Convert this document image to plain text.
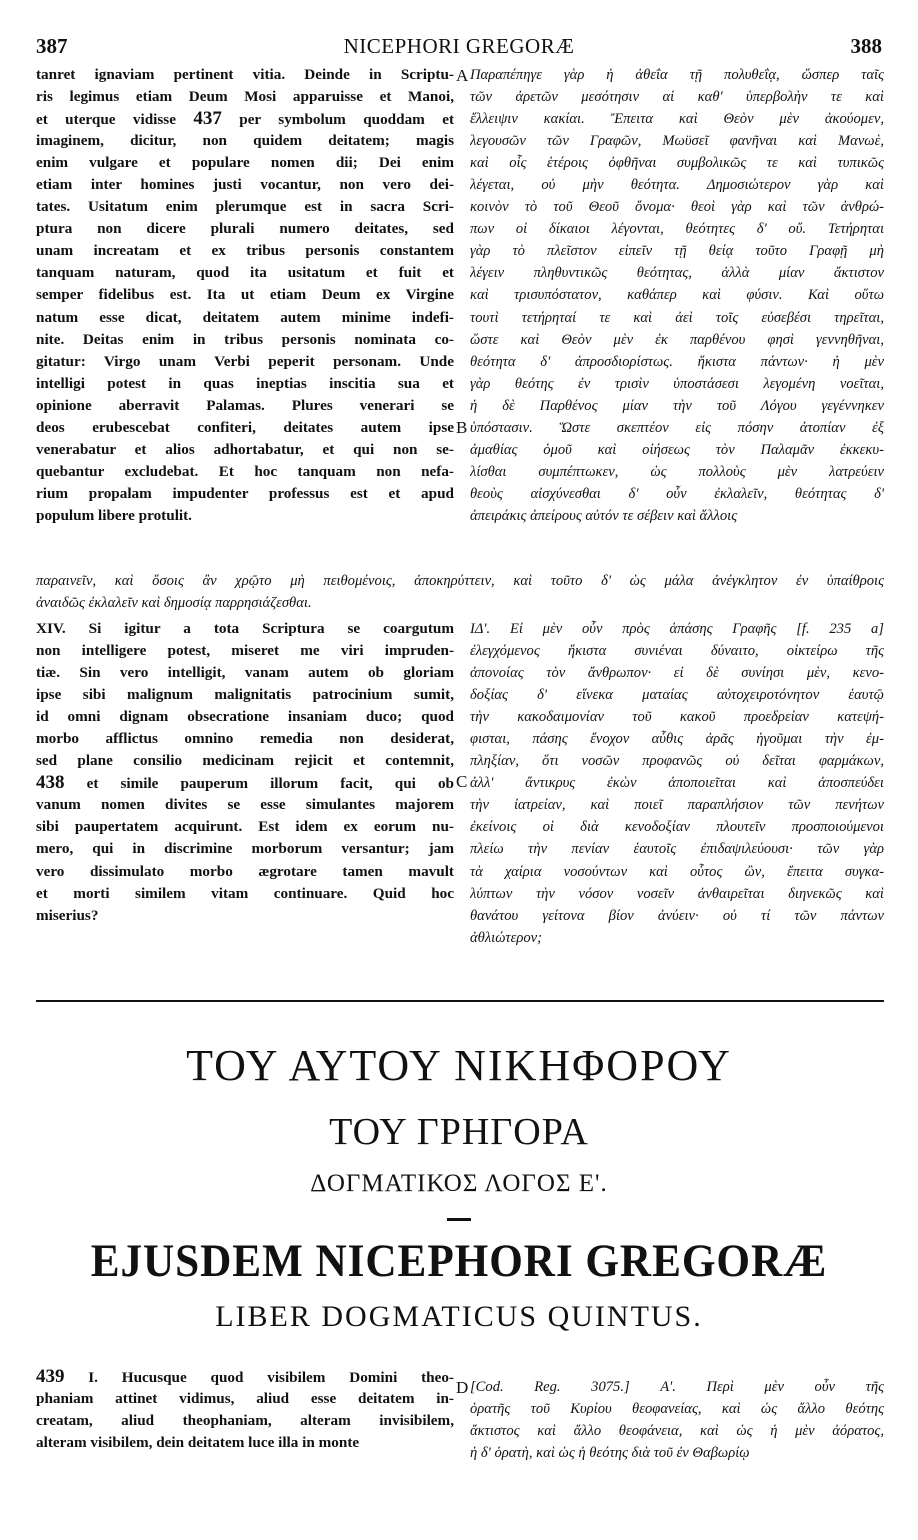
387	NICEPHORI GREGORÆ	388
tanret ignaviam pertinent vitia. Deinde in Scriptu-
ris legimus etiam Deum Mosi apparuisse et Manoi,
et uterque vidisse 437 per symbolum quoddam et
imaginem, dicitur, non quidem deitatem; magis
enim vulgare et populare nomen dii; Dei enim
etiam inter homines justi vocantur, non vero dei-
tates. Usitatum enim plerumque est in sacra Scri-
ptura non dicere plurali numero deitates, sed
unam increatam et ex tribus personis constantem
tanquam naturam, quod ita usitatum et fuit et
semper fidelibus est. Ita ut etiam Deum ex Virgine
natum esse dicat, deitatem autem minime indefi-
nite. Deitas enim in tribus personis nominata co-
gitatur: Virgo unam Verbi peperit personam. Unde
intelligi potest in quas ineptias inscitia sua et
opinione aberravit Palamas. Plures venerari se
deos erubescebat confiteri, deitates autem ipse
venerabatur et alios adhortabatur, et qui non se-
quebantur excludebat. Et hoc tanquam non nefa-
rium propalam impudenter professus est et apud
populum libere protulit.
Παραπέπηγε γὰρ ἡ ἀθεΐα τῇ πολυθεΐᾳ, ὥσπερ ταῖς
τῶν ἀρετῶν μεσότησιν αἱ καθ' ὑπερβολὴν τε καὶ
ἔλλειψιν κακίαι. Ἔπειτα καὶ Θεὸν μὲν ἀκούομεν,
λεγουσῶν τῶν Γραφῶν, Μωϋσεῖ φανῆναι καὶ Μανωὲ,
καὶ οἷς ἑτέροις ὀφθῆναι συμβολικῶς τε καὶ τυπικῶς
λέγεται, οὐ μὴν θεότητα. Δημοσιώτερον γὰρ καὶ
κοινὸν τὸ τοῦ Θεοῦ ὄνομα· θεοὶ γὰρ καὶ τῶν ἀνθρώ-
πων οἱ δίκαιοι λέγονται, θεότητες δ' οὔ. Τετήρηται
γὰρ τὸ πλεῖστον εἰπεῖν τῇ θείᾳ τοῦτο Γραφῇ μὴ
λέγειν πληθυντικῶς θεότητας, ἀλλὰ μίαν ἄκτιστον
καὶ τρισυπόστατον, καθάπερ καὶ φύσιν. Καὶ οὕτω
τουτὶ τετήρηταί τε καὶ ἀεὶ τοῖς εὐσεβέσι τηρεῖται,
ὥστε καὶ Θεὸν μὲν ἐκ παρθένου φησὶ γεννηθῆναι,
θεότητα δ' ἀπροσδιορίστως. ἥκιστα πάντων· ἡ μὲν
γὰρ θεότης ἐν τρισὶν ὑποστάσεσι λεγομένη νοεῖται,
ἡ δὲ Παρθένος μίαν τὴν τοῦ Λόγου γεγέννηκεν
ὑπόστασιν. Ὥστε σκεπτέον εἰς πόσην ἀτοπίαν ἐξ
ἀμαθίας ὁμοῦ καὶ οἰήσεως τὸν Παλαμᾶν ἐκκεκυ-
λίσθαι συμπέπτωκεν, ὡς πολλοὺς μὲν λατρεύειν
θεοὺς αἰσχύνεσθαι δ' οὖν ἐκλαλεῖν, θεότητας δ'
ἀπειράκις ἀπείρους αὐτόν τε σέβειν καὶ ἄλλοις
A
B
C
D
παραινεῖν, καὶ ὅσοις ἂν χρῷτο μὴ πειθομένοις, ἀποκηρύττειν, καὶ τοῦτο δ' ὡς μάλα ἀνέγκλητον ἐν ὑπαίθροις
ἀναιδῶς ἐκλαλεῖν καὶ δημοσίᾳ παρρησιάζεσθαι.
XIV. Si igitur a tota Scriptura se coargutum
non intelligere potest, miseret me viri impruden-
tiæ. Sin vero intelligit, vanam autem ob gloriam
ipse sibi malignum malignitatis patrocinium sumit,
id omni dignam obsecratione insaniam duco; quod
morbo afflictus omnino remedia non desiderat,
sed plane consilio medicinam rejicit et contemnit,
438 et simile pauperum illorum facit, qui ob
vanum nomen divites se esse simulantes majorem
sibi paupertatem acquirunt. Est idem ex eorum nu-
mero, qui in discrimine morborum versantur; jam
vero dissimulato morbo ægrotare tamen mavult
et morti similem vitam continuare. Quid hoc
miserius?
ΙΔ'. Εἰ μὲν οὖν πρὸς ἁπάσης Γραφῆς [f. 235 a]
ἐλεγχόμενος ἥκιστα συνιέναι δύναιτο, οἰκτείρω τῆς
ἀπονοίας τὸν ἄνθρωπον· εἰ δὲ συνίησι μὲν, κενο-
δοξίας δ' εἵνεκα ματαίας αὐτοχειροτόνητον ἑαυτῷ
τὴν κακοδαιμονίαν τοῦ κακοῦ προεδρείαν κατεψή-
φισται, πάσης ἔνοχον αὖθις ἀρᾶς ἡγοῦμαι τὴν ἐμ-
πληξίαν, ὅτι νοσῶν προφανῶς οὐ δεῖται φαρμάκων,
ἀλλ' ἄντικρυς ἐκὼν ἀποποιεῖται καὶ ἀποσπεύδει
τὴν ἰατρείαν, καὶ ποιεῖ παραπλήσιον τῶν πενήτων
ἐκείνοις οἱ διὰ κενοδοξίαν πλουτεῖν προσποιούμενοι
πλείω τὴν πενίαν ἑαυτοῖς ἐπιδαψιλεύουσι· τῶν γὰρ
τὰ χαίρια νοσούντων καὶ οὗτος ὢν, ἔπειτα συγκα-
λύπτων τὴν νόσον νοσεῖν ἀνθαιρεῖται διηνεκῶς καὶ
θανάτου γείτονα βίον ἀνύειν· οὐ τί τῶν πάντων
ἀθλιώτερον;
ΤΟΥ ΑΥΤΟΥ ΝΙΚΗΦΟΡΟΥ
ΤΟΥ ΓΡΗΓΟΡΑ
ΔΟΓΜΑΤΙΚΟΣ ΛΟΓΟΣ Ε'.
EJUSDEM NICEPHORI GREGORÆ
LIBER DOGMATICUS QUINTUS.
439 I. Hucusque quod visibilem Domini theo-
phaniam attinet vidimus, aliud esse deitatem in-
creatam, aliud theophaniam, alteram invisibilem,
alteram visibilem, dein deitatem luce illa in monte
[Cod. Reg. 3075.] Α'. Περὶ μὲν οὖν τῆς
ὁρατῆς τοῦ Κυρίου θεοφανείας, καὶ ὡς ἄλλο θεότης
ἄκτιστος καὶ ἄλλο θεοφάνεια, καὶ ὡς ἡ μὲν ἀόρατος,
ἡ δ' ὁρατὴ, καὶ ὡς ἡ θεότης διὰ τοῦ ἐν Θαβωρίῳ
